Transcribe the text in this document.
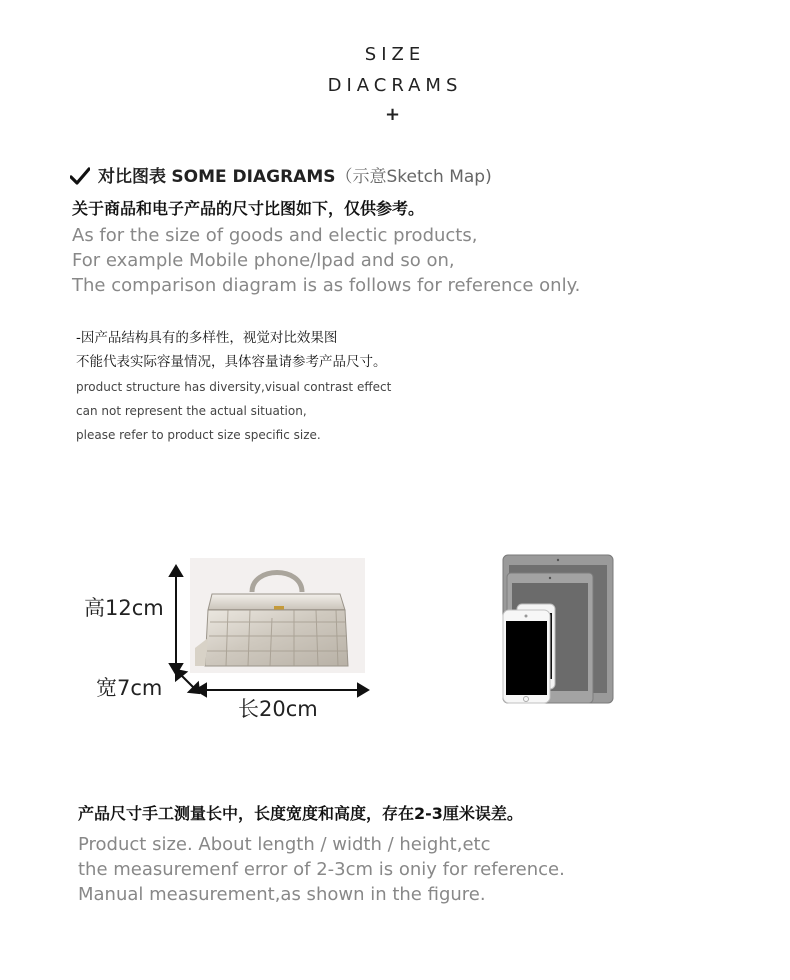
SIZE
DIACRAMS
+
对比图表 SOME DIAGRAMS（示意Sketch Map)
关于商品和电子产品的尺寸比图如下，仅供参考。
As for the size of goods and electic products,
For example Mobile phone/lpad and so on,
The comparison diagram is as follows for reference only.
-因产品结构具有的多样性，视觉对比效果图
不能代表实际容量情况，具体容量请参考产品尺寸。
product structure has diversity,visual contrast effect
can not represent the actual situation,
please refer to product size specific size.
高12cm
宽7cm
长20cm
产品尺寸手工测量长中，长度宽度和高度，存在2-3厘米误差。
Product size. About length / width / height,etc
the measuremenf error of 2-3cm is oniy for reference.
Manual measurement,as shown in the figure.
